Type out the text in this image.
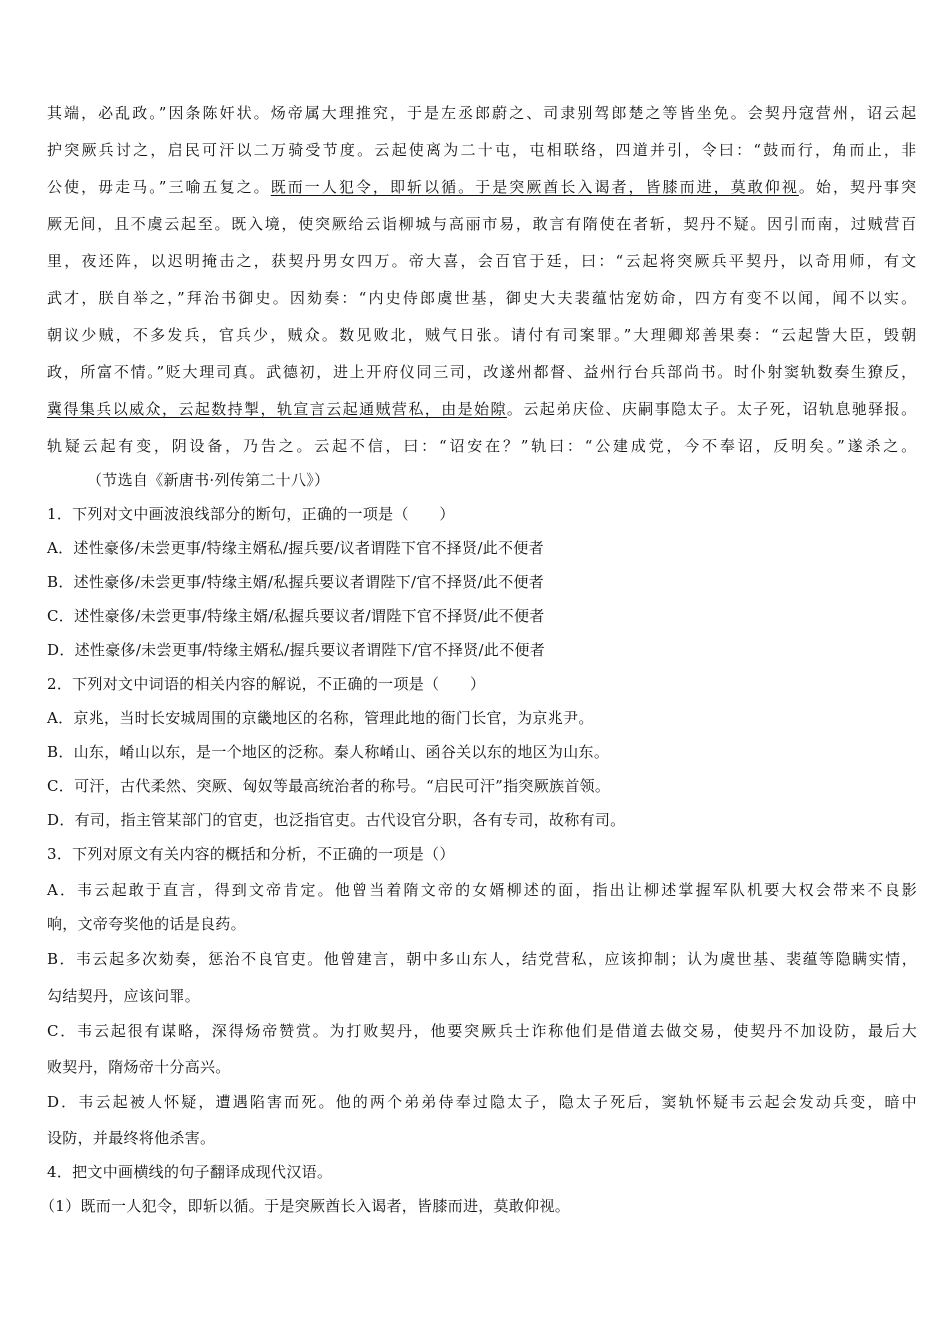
其端，必乱政。”因条陈奸状。炀帝属大理推究，于是左丞郎蔚之、司隶别驾郎楚之等皆坐免。会契丹寇营州，诏云起
护突厥兵讨之，启民可汗以二万骑受节度。云起使离为二十屯，屯相联络，四道并引，令曰：“鼓而行，角而止，非
公使，毋走马。”三喻五复之。既而一人犯令，即斩以循。于是突厥酋长入谒者，皆膝而进，莫敢仰视。始，契丹事突
厥无间，且不虞云起至。既入境，使突厥给云诣柳城与高丽市易，敢言有隋使在者斩，契丹不疑。因引而南，过贼营百
里，夜还阵，以迟明掩击之，获契丹男女四万。帝大喜，会百官于廷，曰：“云起将突厥兵平契丹，以奇用师，有文
武才，朕自举之，”拜治书御史。因劾奏：“内史侍郎虞世基，御史大夫裴蕴怙宠妨命，四方有变不以闻，闻不以实。
朝议少贼，不多发兵，官兵少，贼众。数见败北，贼气日张。请付有司案罪。”大理卿郑善果奏：“云起訾大臣，毁朝
政，所富不情。”贬大理司真。武德初，进上开府仪同三司，改遂州都督、益州行台兵部尚书。时仆射窦轨数奏生獠反，
冀得集兵以威众，云起数持掣，轨宣言云起通贼营私，由是始隙。云起弟庆俭、庆嗣事隐太子。太子死，诏轨息驰驿报。
轨疑云起有变，阴设备，乃告之。云起不信，曰：“诏安在？”轨曰：“公建成党，今不奉诏，反明矣。”遂杀之。
（节选自《新唐书·列传第二十八》）
1．下列对文中画波浪线部分的断句，正确的一项是（　　）
A．述性豪侈/未尝更事/特缘主婿私/握兵要/议者谓陛下官不择贤/此不便者
B．述性豪侈/未尝更事/特缘主婿/私握兵要议者谓陛下/官不择贤/此不便者
C．述性豪侈/未尝更事/特缘主婿/私握兵要议者/谓陛下官不择贤/此不便者
D．述性豪侈/未尝更事/特缘主婿私/握兵要议者谓陛下/官不择贤/此不便者
2．下列对文中词语的相关内容的解说，不正确的一项是（　　）
A．京兆，当时长安城周围的京畿地区的名称，管理此地的衙门长官，为京兆尹。
B．山东，崤山以东，是一个地区的泛称。秦人称崤山、函谷关以东的地区为山东。
C．可汗，古代柔然、突厥、匈奴等最高统治者的称号。“启民可汗”指突厥族首领。
D．有司，指主管某部门的官吏，也泛指官吏。古代设官分职，各有专司，故称有司。
3．下列对原文有关内容的概括和分析，不正确的一项是（）
A．韦云起敢于直言，得到文帝肯定。他曾当着隋文帝的女婿柳述的面，指出让柳述掌握军队机要大权会带来不良影
响，文帝夸奖他的话是良药。
B．韦云起多次劾奏，惩治不良官吏。他曾建言，朝中多山东人，结党营私，应该抑制；认为虞世基、裴蕴等隐瞒实情，
勾结契丹，应该问罪。
C．韦云起很有谋略，深得炀帝赞赏。为打败契丹，他要突厥兵士诈称他们是借道去做交易，使契丹不加设防，最后大
败契丹，隋炀帝十分高兴。
D．韦云起被人怀疑，遭遇陷害而死。他的两个弟弟侍奉过隐太子，隐太子死后，窦轨怀疑韦云起会发动兵变，暗中
设防，并最终将他杀害。
4．把文中画横线的句子翻译成现代汉语。
（1）既而一人犯令，即斩以循。于是突厥酋长入谒者，皆膝而进，莫敢仰视。
